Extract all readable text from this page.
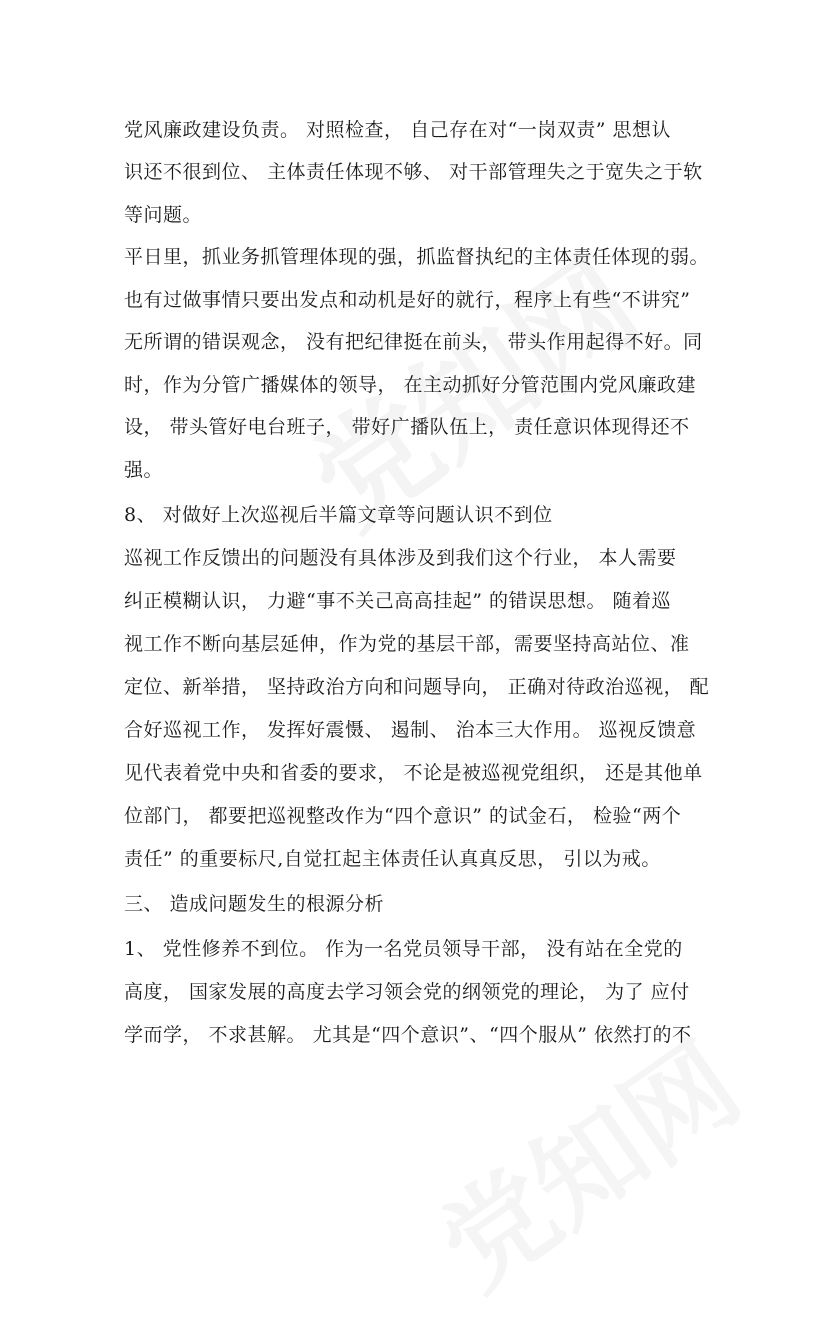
党风廉政建设负责。 对照检查， 自己存在对“一岗双责” 思想认
识还不很到位、 主体责任体现不够、 对干部管理失之于宽失之于软
等问题。
平日里，抓业务抓管理体现的强，抓监督执纪的主体责任体现的弱。
也有过做事情只要出发点和动机是好的就行，程序上有些“不讲究”
无所谓的错误观念， 没有把纪律挺在前头， 带头作用起得不好。同
时，作为分管广播媒体的领导， 在主动抓好分管范围内党风廉政建
设， 带头管好电台班子， 带好广播队伍上， 责任意识体现得还不
强。
8、 对做好上次巡视后半篇文章等问题认识不到位
巡视工作反馈出的问题没有具体涉及到我们这个行业， 本人需要
纠正模糊认识， 力避“事不关己高高挂起” 的错误思想。 随着巡
视工作不断向基层延伸，作为党的基层干部，需要坚持高站位、准
定位、新举措， 坚持政治方向和问题导向， 正确对待政治巡视， 配
合好巡视工作， 发挥好震慑、 遏制、 治本三大作用。 巡视反馈意
见代表着党中央和省委的要求， 不论是被巡视党组织， 还是其他单
位部门， 都要把巡视整改作为“四个意识” 的试金石， 检验“两个
责任” 的重要标尺,自觉扛起主体责任认真真反思， 引以为戒。
三、 造成问题发生的根源分析
1、 党性修养不到位。 作为一名党员领导干部， 没有站在全党的
高度， 国家发展的高度去学习领会党的纲领党的理论， 为了 应付
学而学， 不求甚解。 尤其是“四个意识”、“四个服从” 依然打的不
